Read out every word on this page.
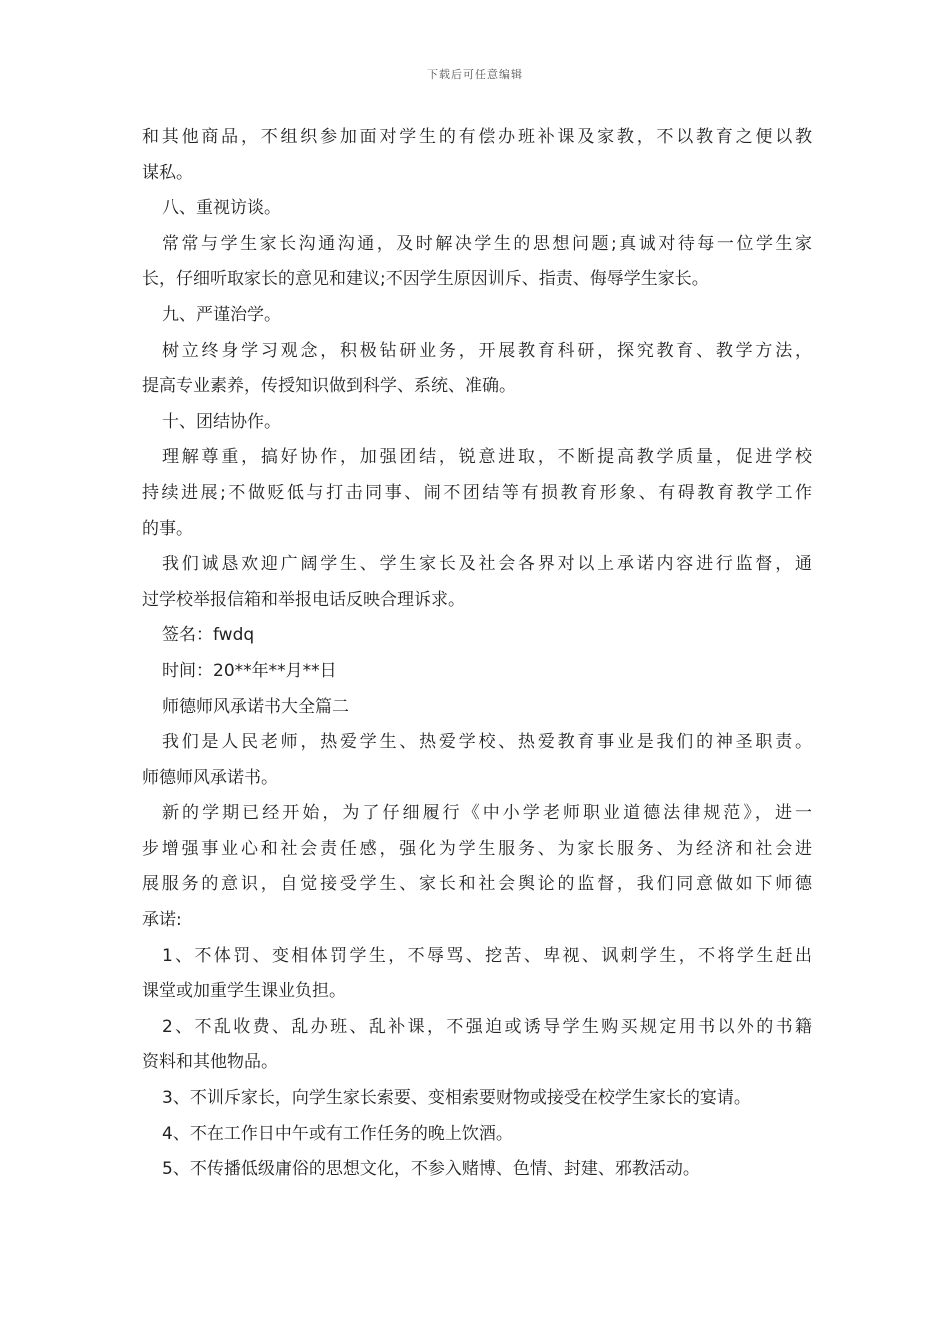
下载后可任意编辑
和其他商品，不组织参加面对学生的有偿办班补课及家教，不以教育之便以教
谋私。
八、重视访谈。
常常与学生家长沟通沟通，及时解决学生的思想问题;真诚对待每一位学生家
长，仔细听取家长的意见和建议;不因学生原因训斥、指责、侮辱学生家长。
九、严谨治学。
树立终身学习观念，积极钻研业务，开展教育科研，探究教育、教学方法，
提高专业素养，传授知识做到科学、系统、准确。
十、团结协作。
理解尊重，搞好协作，加强团结，锐意进取，不断提高教学质量，促进学校
持续进展;不做贬低与打击同事、闹不团结等有损教育形象、有碍教育教学工作
的事。
我们诚恳欢迎广阔学生、学生家长及社会各界对以上承诺内容进行监督，通
过学校举报信箱和举报电话反映合理诉求。
签名：fwdq
时间：20**年**月**日
师德师风承诺书大全篇二
我们是人民老师，热爱学生、热爱学校、热爱教育事业是我们的神圣职责。
师德师风承诺书。
新的学期已经开始，为了仔细履行《中小学老师职业道德法律规范》，进一
步增强事业心和社会责任感，强化为学生服务、为家长服务、为经济和社会进
展服务的意识，自觉接受学生、家长和社会舆论的监督，我们同意做如下师德
承诺:
1、不体罚、变相体罚学生，不辱骂、挖苦、卑视、讽刺学生，不将学生赶出
课堂或加重学生课业负担。
2、不乱收费、乱办班、乱补课，不强迫或诱导学生购买规定用书以外的书籍
资料和其他物品。
3、不训斥家长，向学生家长索要、变相索要财物或接受在校学生家长的宴请。
4、不在工作日中午或有工作任务的晚上饮酒。
5、不传播低级庸俗的思想文化，不参入赌博、色情、封建、邪教活动。
